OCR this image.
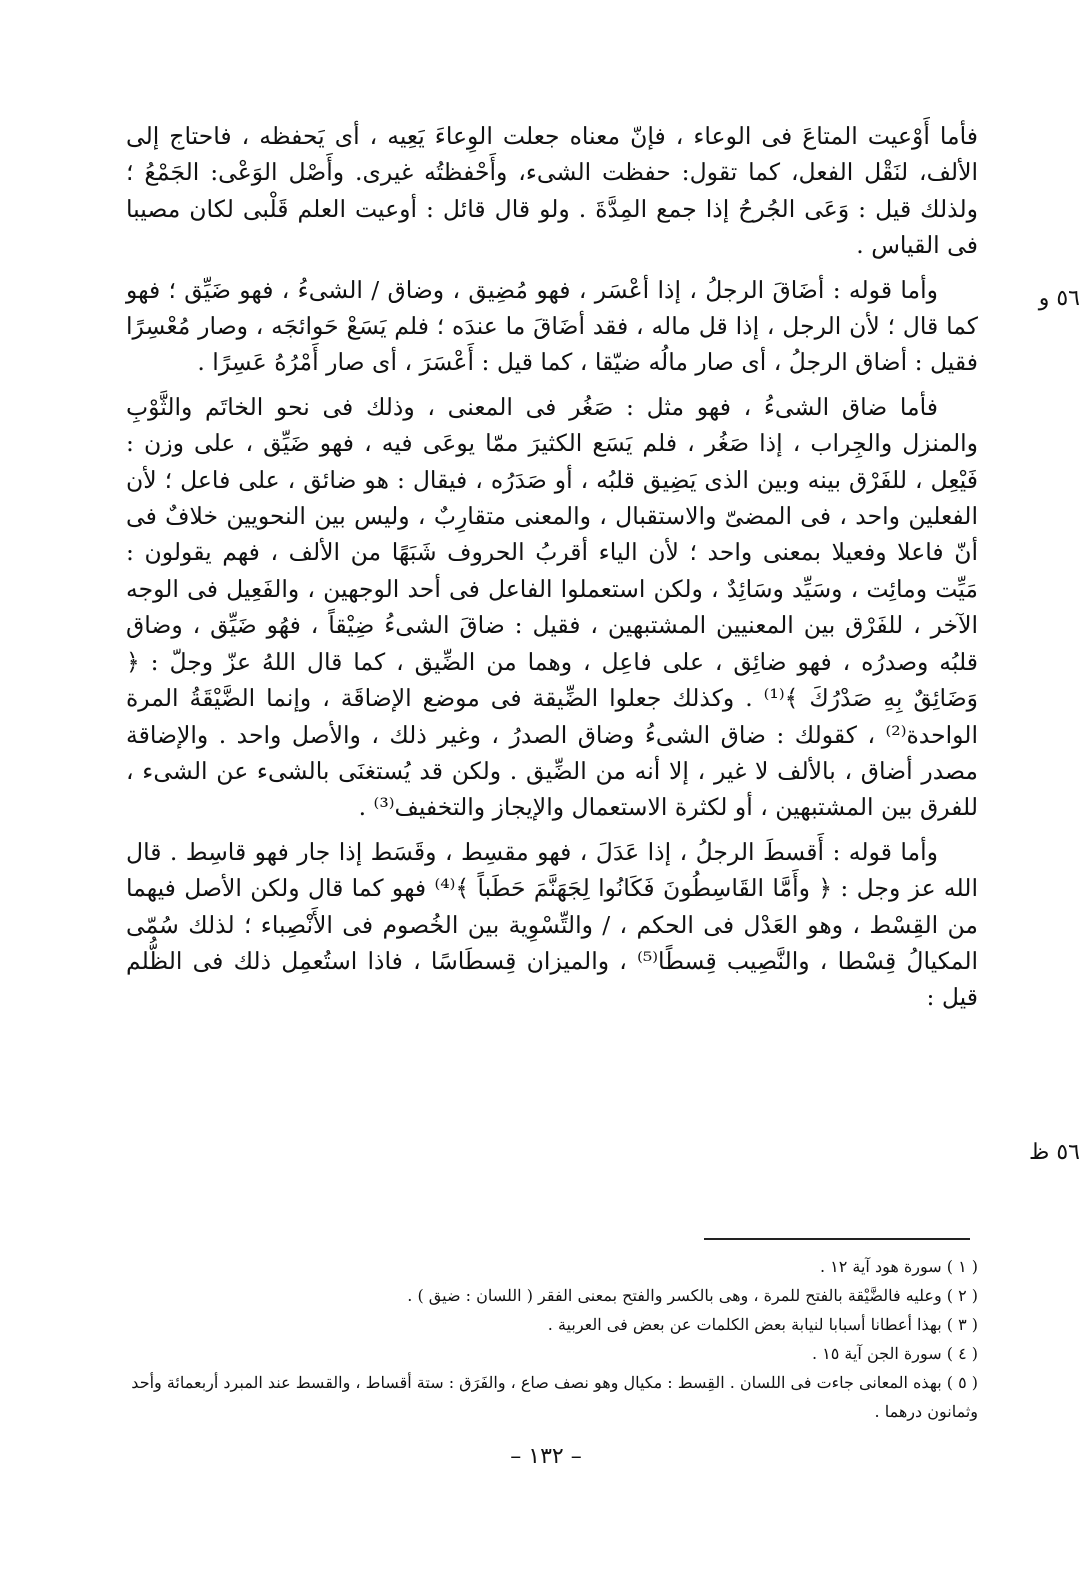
فأما أَوْعيت المتاعَ فى الوعاء ، فإنّ معناه جعلت الوِعاءَ يَعِيه ، أى يَحفظه ، فاحتاج إلى الألف، لنَقْل الفعل، كما تقول: حفظت الشىء، وأَحْفظتُه غيرى. وأَصْل الوَعْى: الجَمْعُ ؛ ولذلك قيل : وَعَى الجُرحُ إذا جمع المِدَّةَ . ولو قال قائل : أوعيت العلم قَلْبى لكان مصيبا فى القياس .

وأما قوله : أضَاقَ الرجلُ ، إذا أعْسَر ، فهو مُضِيق ، وضاق / الشىءُ ، فهو ضَيِّق ؛ فهو كما قال ؛ لأن الرجل ، إذا قل ماله ، فقد أضَاقَ ما عندَه ؛ فلم يَسَعْ حَوائجَه ، وصار مُعْسِرًا فقيل : أضاق الرجلُ ، أى صار مالُه ضيّقا ، كما قيل : أَعْسَرَ ، أى صار أَمْرُهُ عَسِرًا .

فأما ضاق الشىءُ ، فهو مثل : صَغُر فى المعنى ، وذلك فى نحو الخاتَم والثَّوْبِ والمنزل والجِراب ، إذا صَغُر ، فلم يَسَع الكثيرَ ممّا يوعَى فيه ، فهو ضَيِّق ، على وزن : فَيْعِل ، للفَرْق بينه وبين الذى يَضِيق قلبُه ، أو صَدَرُه ، فيقال : هو ضائق ، على فاعل ؛ لأن الفعلين واحد ، فى المضىّ والاستقبال ، والمعنى متقارِبٌ ، وليس بين النحويين خلافٌ فى أنّ فاعلا وفعيلا بمعنى واحد ؛ لأن الياء أقربُ الحروف شَبَهًا من الألف ، فهم يقولون : مَيِّت ومائِت ، وسَيِّد وسَائِدٌ ، ولكن استعملوا الفاعل فى أحد الوجهين ، والفَعِيل فى الوجه الآخر ، للفَرْق بين المعنيين المشتبهين ، فقيل : ضاقَ الشىءُ ضِيْقاً ، فهُو ضَيِّق ، وضاق قلبُه وصدرُه ، فهو ضائِق ، على فاعِل ، وهما من الضِّيق ، كما قال اللهُ عزّ وجلّ : ﴿ وَضَائِقٌ بِهِ صَدْرُكَ ﴾⁽¹⁾ . وكذلك جعلوا الضِّيقة فى موضع الإضاقَة ، وإنما الضَّيْقَةُ المرة الواحدة⁽²⁾ ، كقولك : ضاق الشىءُ وضاق الصدرُ ، وغير ذلك ، والأصل واحد . والإضاقة مصدر أضاق ، بالألف لا غير ، إلا أنه من الضِّيق . ولكن قد يُستغنَى بالشىء عن الشىء ، للفرق بين المشتبهين ، أو لكثرة الاستعمال والإيجاز والتخفيف⁽³⁾ .

وأما قوله : أَقسطَ الرجلُ ، إذا عَدَلَ ، فهو مقسِط ، وقَسَط إذا جار فهو قاسِط . قال الله عز وجل : ﴿ وأَمَّا القَاسِطُونَ فَكَانُوا لِجَهَنَّمَ حَطَباً ﴾⁽⁴⁾ فهو كما قال ولكن الأصل فيهما من القِسْط ، وهو العَدْل فى الحكم ، / والتِّسْوِية بين الخُصوم فى الأَنْصِباء ؛ لذلك سُمّى المكيالُ قِسْطا ، والنَّصِيب قِسطًا⁽⁵⁾ ، والميزان قِسطَاسًا ، فاذا استُعمِل ذلك فى الظُّلم قيل :

٥٦ و
٥٦ ظ

( ١ ) سورة هود آية ١٢ .

( ٢ ) وعليه فالضَّيْقة بالفتح للمرة ، وهى بالكسر والفتح بمعنى الفقر ( اللسان : ضيق ) .

( ٣ ) بهذا أعطانا أسبابا لنيابة بعض الكلمات عن بعض فى العربية .

( ٤ ) سورة الجن آية ١٥ .

( ٥ ) بهذه المعانى جاءت فى اللسان . القِسط : مكيال وهو نصف صاع ، والفَرَق : ستة أقساط ، والقسط عند المبرد أربعمائة وأحد وثمانون درهما .

– ١٣٢ –
